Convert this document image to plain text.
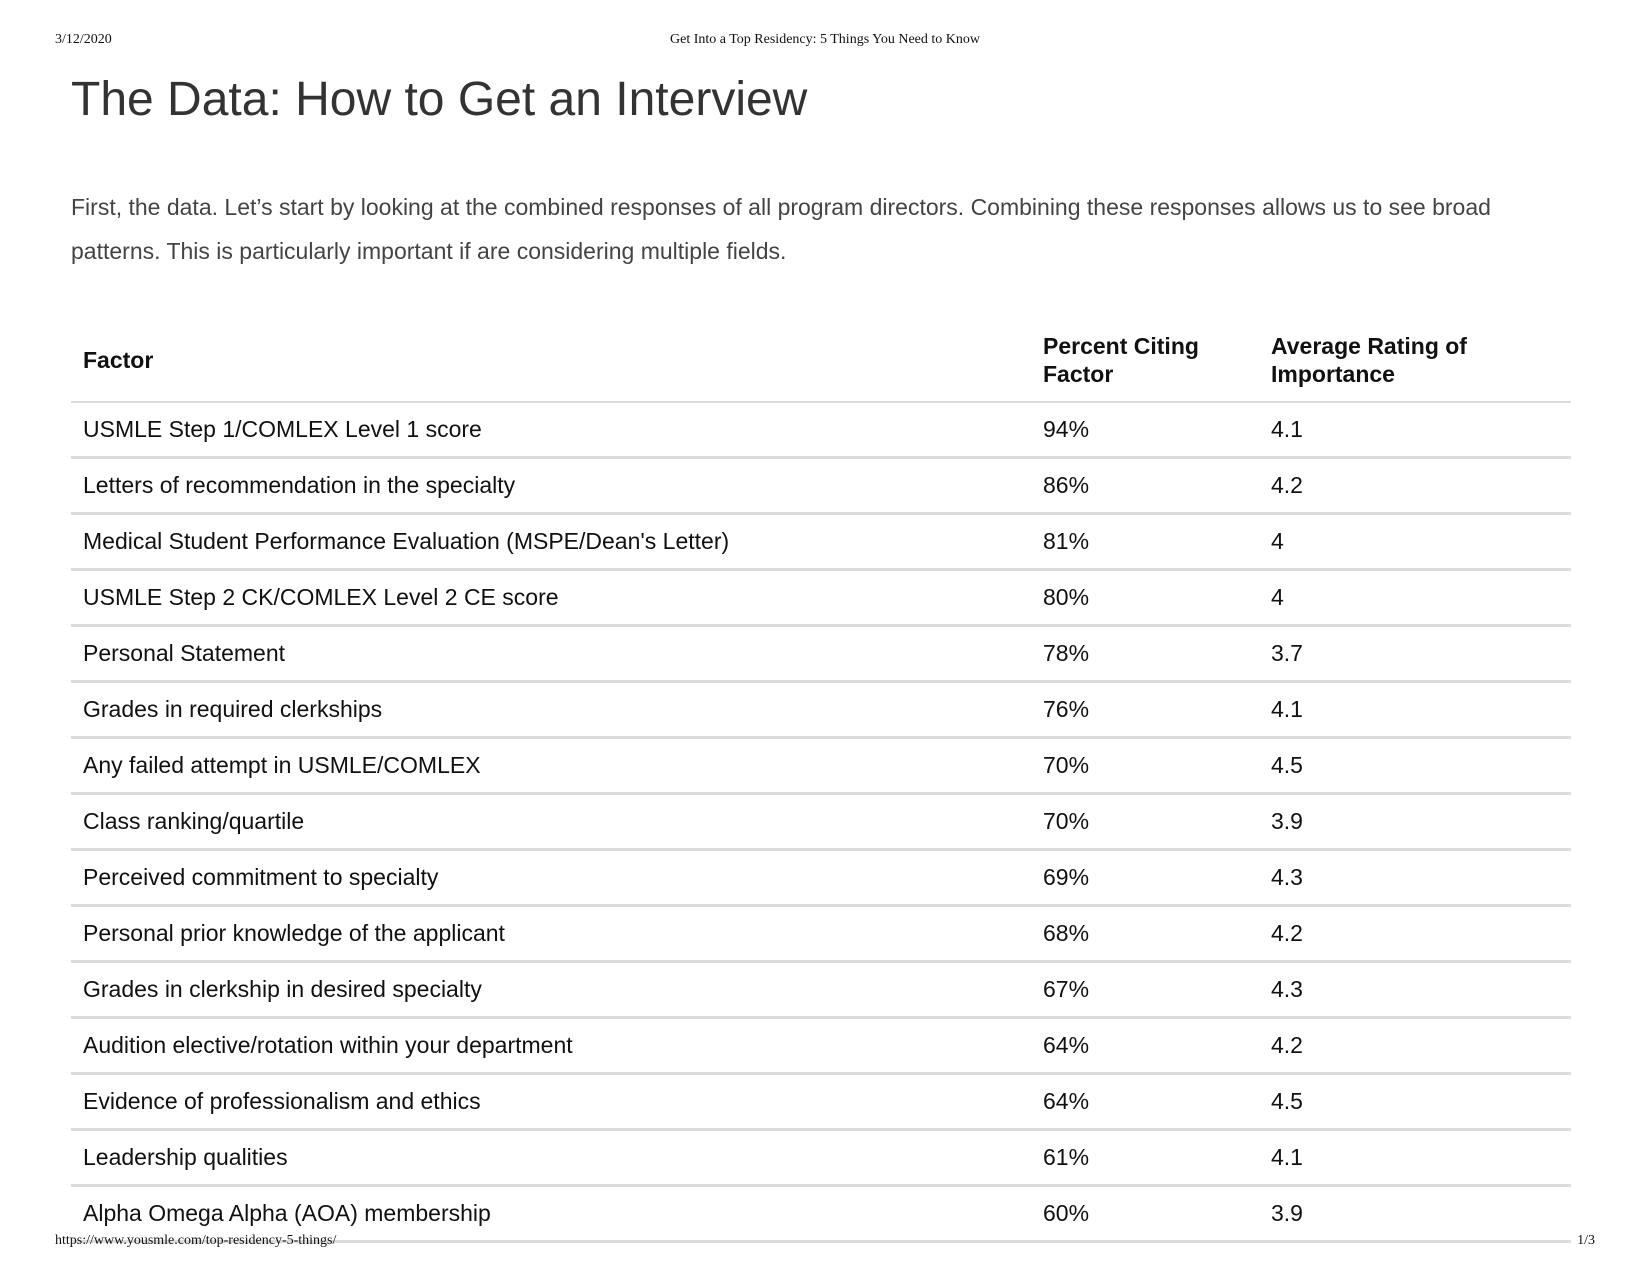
3/12/2020	Get Into a Top Residency: 5 Things You Need to Know
The Data: How to Get an Interview

First, the data. Let’s start by looking at the combined responses of all program directors. Combining these responses allows us to see broad patterns. This is particularly important if are considering multiple fields.

Factor	Percent Citing Factor	Average Rating of Importance
USMLE Step 1/COMLEX Level 1 score	94%	4.1
Letters of recommendation in the specialty	86%	4.2
Medical Student Performance Evaluation (MSPE/Dean's Letter)	81%	4
USMLE Step 2 CK/COMLEX Level 2 CE score	80%	4
Personal Statement	78%	3.7
Grades in required clerkships	76%	4.1
Any failed attempt in USMLE/COMLEX	70%	4.5
Class ranking/quartile	70%	3.9
Perceived commitment to specialty	69%	4.3
Personal prior knowledge of the applicant	68%	4.2
Grades in clerkship in desired specialty	67%	4.3
Audition elective/rotation within your department	64%	4.2
Evidence of professionalism and ethics	64%	4.5
Leadership qualities	61%	4.1
Alpha Omega Alpha (AOA) membership	60%	3.9
https://www.yousmle.com/top-residency-5-things/	1/3
